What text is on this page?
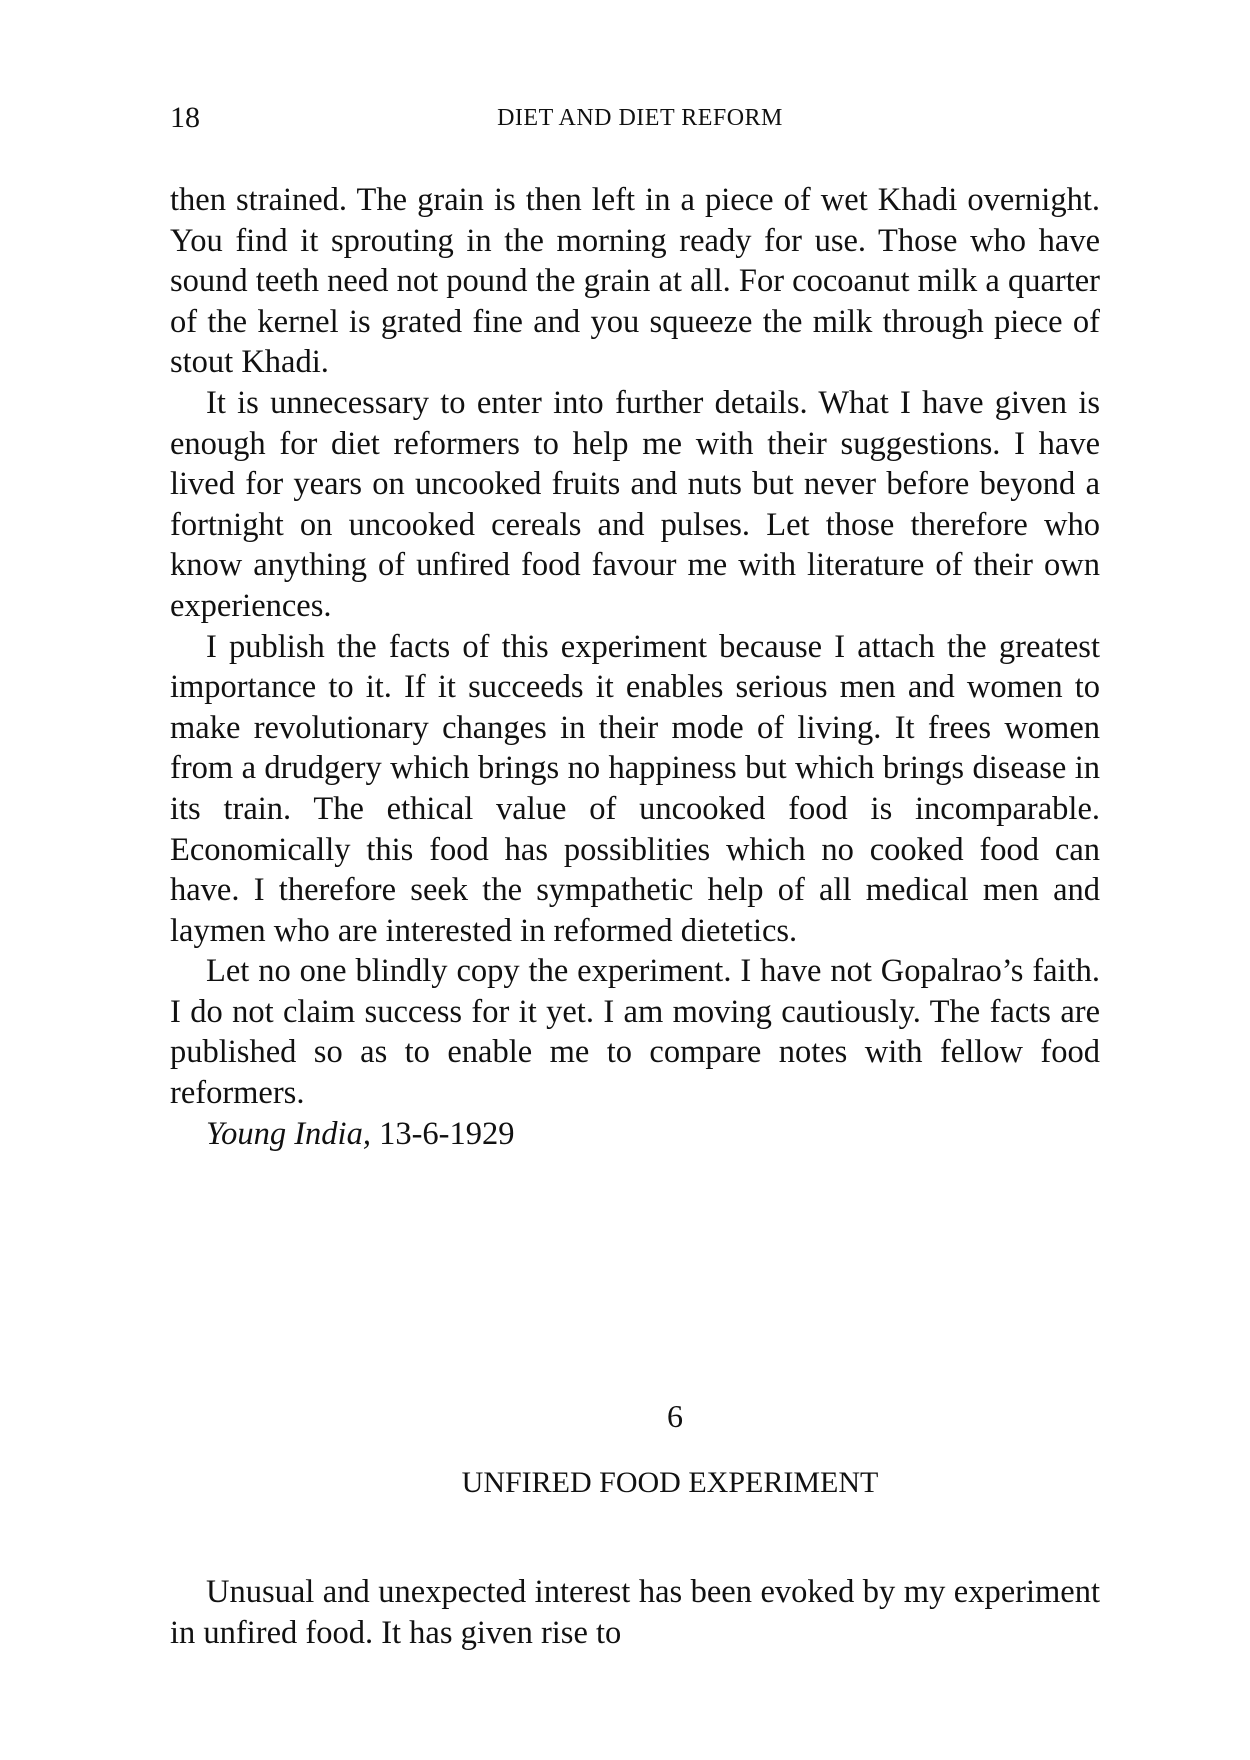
18	DIET AND DIET REFORM

then strained. The grain is then left in a piece of wet Khadi overnight. You find it sprouting in the morning ready for use. Those who have sound teeth need not pound the grain at all. For cocoanut milk a quarter of the kernel is grated fine and you squeeze the milk through piece of stout Khadi.

It is unnecessary to enter into further details. What I have given is enough for diet reformers to help me with their suggestions. I have lived for years on uncooked fruits and nuts but never before beyond a fortnight on uncooked cereals and pulses. Let those therefore who know anything of unfired food favour me with literature of their own experiences.

I publish the facts of this experiment because I attach the greatest importance to it. If it succeeds it enables serious men and women to make revolutionary changes in their mode of living. It frees women from a drudgery which brings no happiness but which brings disease in its train. The ethical value of uncooked food is incomparable. Economically this food has possiblities which no cooked food can have. I therefore seek the sympathetic help of all medical men and laymen who are interested in reformed dietetics.

Let no one blindly copy the experiment. I have not Gopalrao’s faith. I do not claim success for it yet. I am moving cautiously. The facts are published so as to enable me to compare notes with fellow food reformers.

Young India, 13-6-1929

6
UNFIRED FOOD EXPERIMENT

Unusual and unexpected interest has been evoked by my experiment in unfired food. It has given rise to
